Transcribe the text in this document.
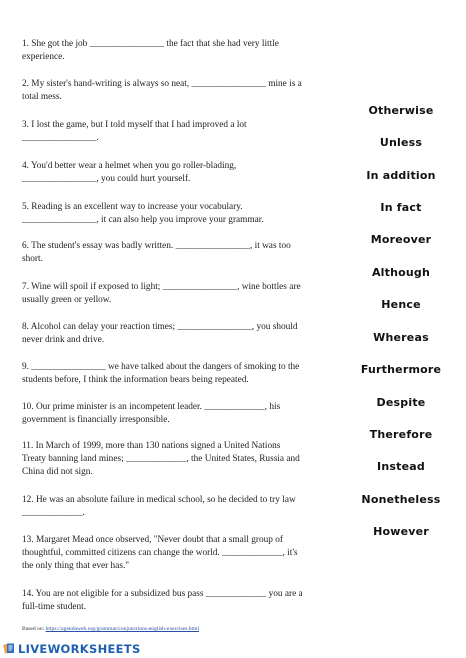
1. She got the job ________________ the fact that she had very little
experience.
2. My sister's hand-writing is always so neat, ________________ mine is a
total mess.
3. I lost the game, but I told myself that I had improved a lot
________________.
4. You'd better wear a helmet when you go roller-blading,
________________, you could hurt yourself.
5. Reading is an excellent way to increase your vocabulary.
________________, it can also help you improve your grammar.
6. The student's essay was badly written. ________________, it was too
short.
7. Wine will spoil if exposed to light; ________________, wine bottles are
usually green or yellow.
8. Alcohol can delay your reaction times; ________________, you should
never drink and drive.
9. ________________ we have talked about the dangers of smoking to the
students before, I think the information bears being repeated.
10. Our prime minister is an incompetent leader. _____________, his
government is financially irresponsible.
11. In March of 1999, more than 130 nations signed a United Nations
Treaty banning land mines; _____________, the United States, Russia and
China did not sign.
12. He was an absolute failure in medical school, so he decided to try law
_____________.
13. Margaret Mead once observed, "Never doubt that a small group of
thoughtful, committed citizens can change the world. _____________, it's
the only thing that ever has."
14. You are not eligible for a subsidized bus pass _____________ you are a
full-time student.
Otherwise
Unless
In addition
In fact
Moreover
Although
Hence
Whereas
Furthermore
Despite
Therefore
Instead
Nonetheless
However
Based on: https://agendaweb.org/grammar/conjunctions-english-exercises.html
LIVEWORKSHEETS
